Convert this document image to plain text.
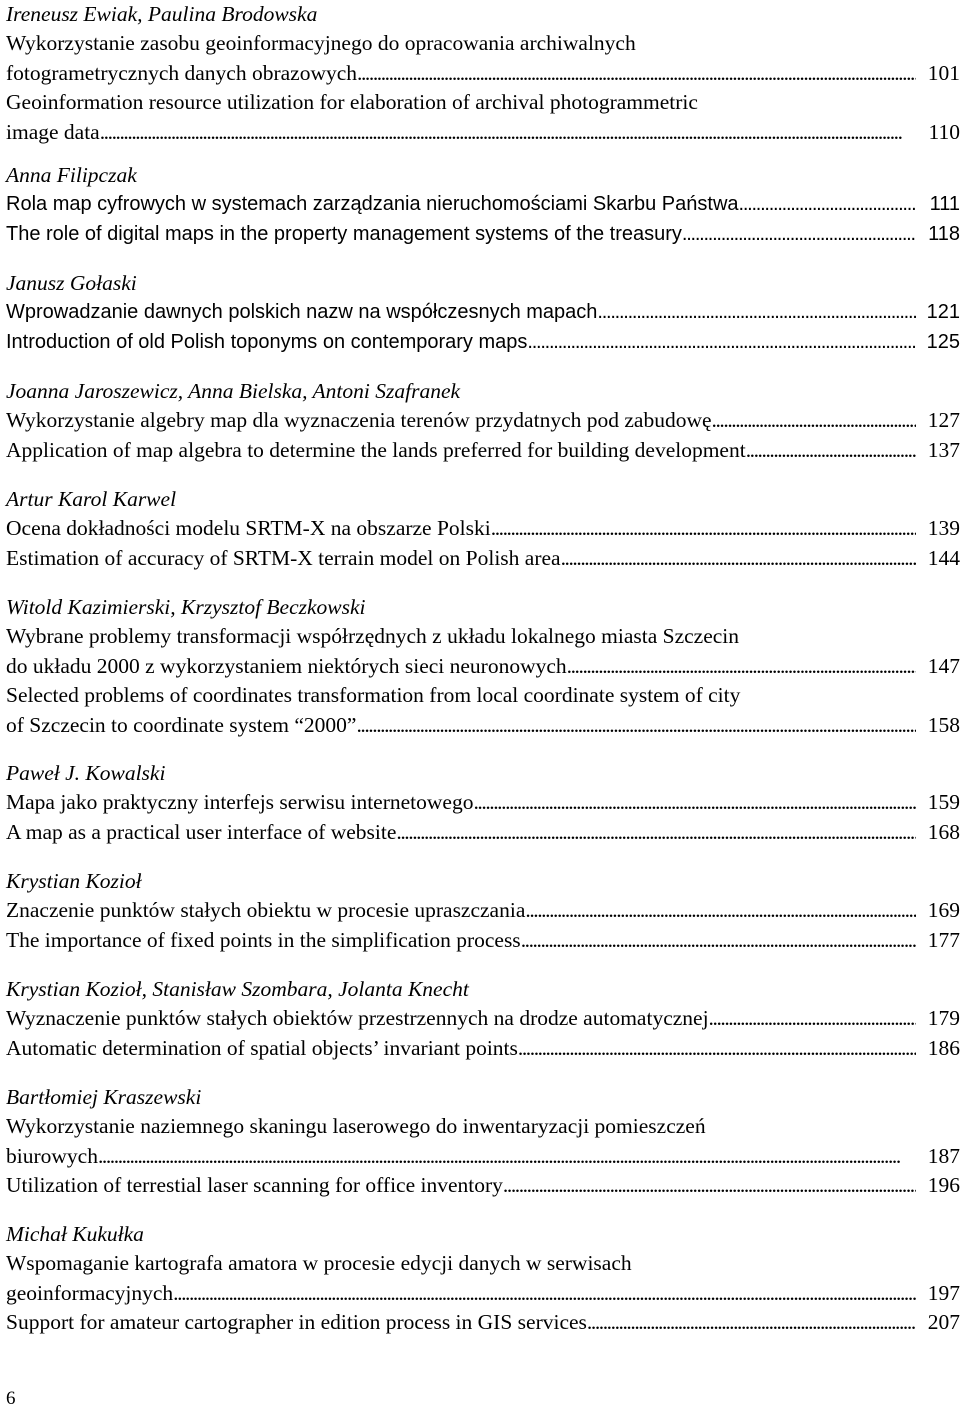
Ireneusz Ewiak, Paulina Brodowska
Wykorzystanie zasobu geoinformacyjnego do opracowania archiwalnych
fotogrametrycznych danych obrazowych . . .	101
Geoinformation resource utilization for elaboration of archival photogrammetric
image data . . .	110
Anna Filipczak
Rola map cyfrowych w systemach zarządzania nieruchomościami Skarbu Państwa . . .	111
The role of digital maps in the property management systems of the treasury . . .	118
Janusz Gołaski
Wprowadzanie dawnych polskich nazw na współczesnych mapach . . .	121
Introduction of old Polish toponyms on contemporary maps . . .	125
Joanna Jaroszewicz, Anna Bielska, Antoni Szafranek
Wykorzystanie algebry map dla wyznaczenia terenów przydatnych pod zabudowę . . .	127
Application of map algebra to determine the lands preferred for building development . . .	137
Artur Karol Karwel
Ocena dokładności modelu SRTM-X na obszarze Polski . . .	139
Estimation of accuracy of SRTM-X terrain model on Polish area . . .	144
Witold Kazimierski, Krzysztof Beczkowski
Wybrane problemy transformacji współrzędnych z układu lokalnego miasta Szczecin
do układu 2000 z wykorzystaniem niektórych sieci neuronowych . . .	147
Selected problems of coordinates transformation from local coordinate system of city
of Szczecin to coordinate system “2000” . . .	158
Paweł J. Kowalski
Mapa jako praktyczny interfejs serwisu internetowego . . .	159
A map as a practical user interface of website . . .	168
Krystian Kozioł
Znaczenie punktów stałych obiektu w procesie upraszczania . . .	169
The importance of fixed points in the simplification process . . .	177
Krystian Kozioł, Stanisław Szombara, Jolanta Knecht
Wyznaczenie punktów stałych obiektów przestrzennych na drodze automatycznej . . .	179
Automatic determination of spatial objects’ invariant points . . .	186
Bartłomiej Kraszewski
Wykorzystanie naziemnego skaningu laserowego do inwentaryzacji pomieszczeń
biurowych . . .	187
Utilization of terrestial laser scanning for office inventory . . .	196
Michał Kukułka
Wspomaganie kartografa amatora w procesie edycji danych w serwisach
geoinformacyjnych . . .	197
Support for amateur cartographer in edition process in GIS services . . .	207
6
